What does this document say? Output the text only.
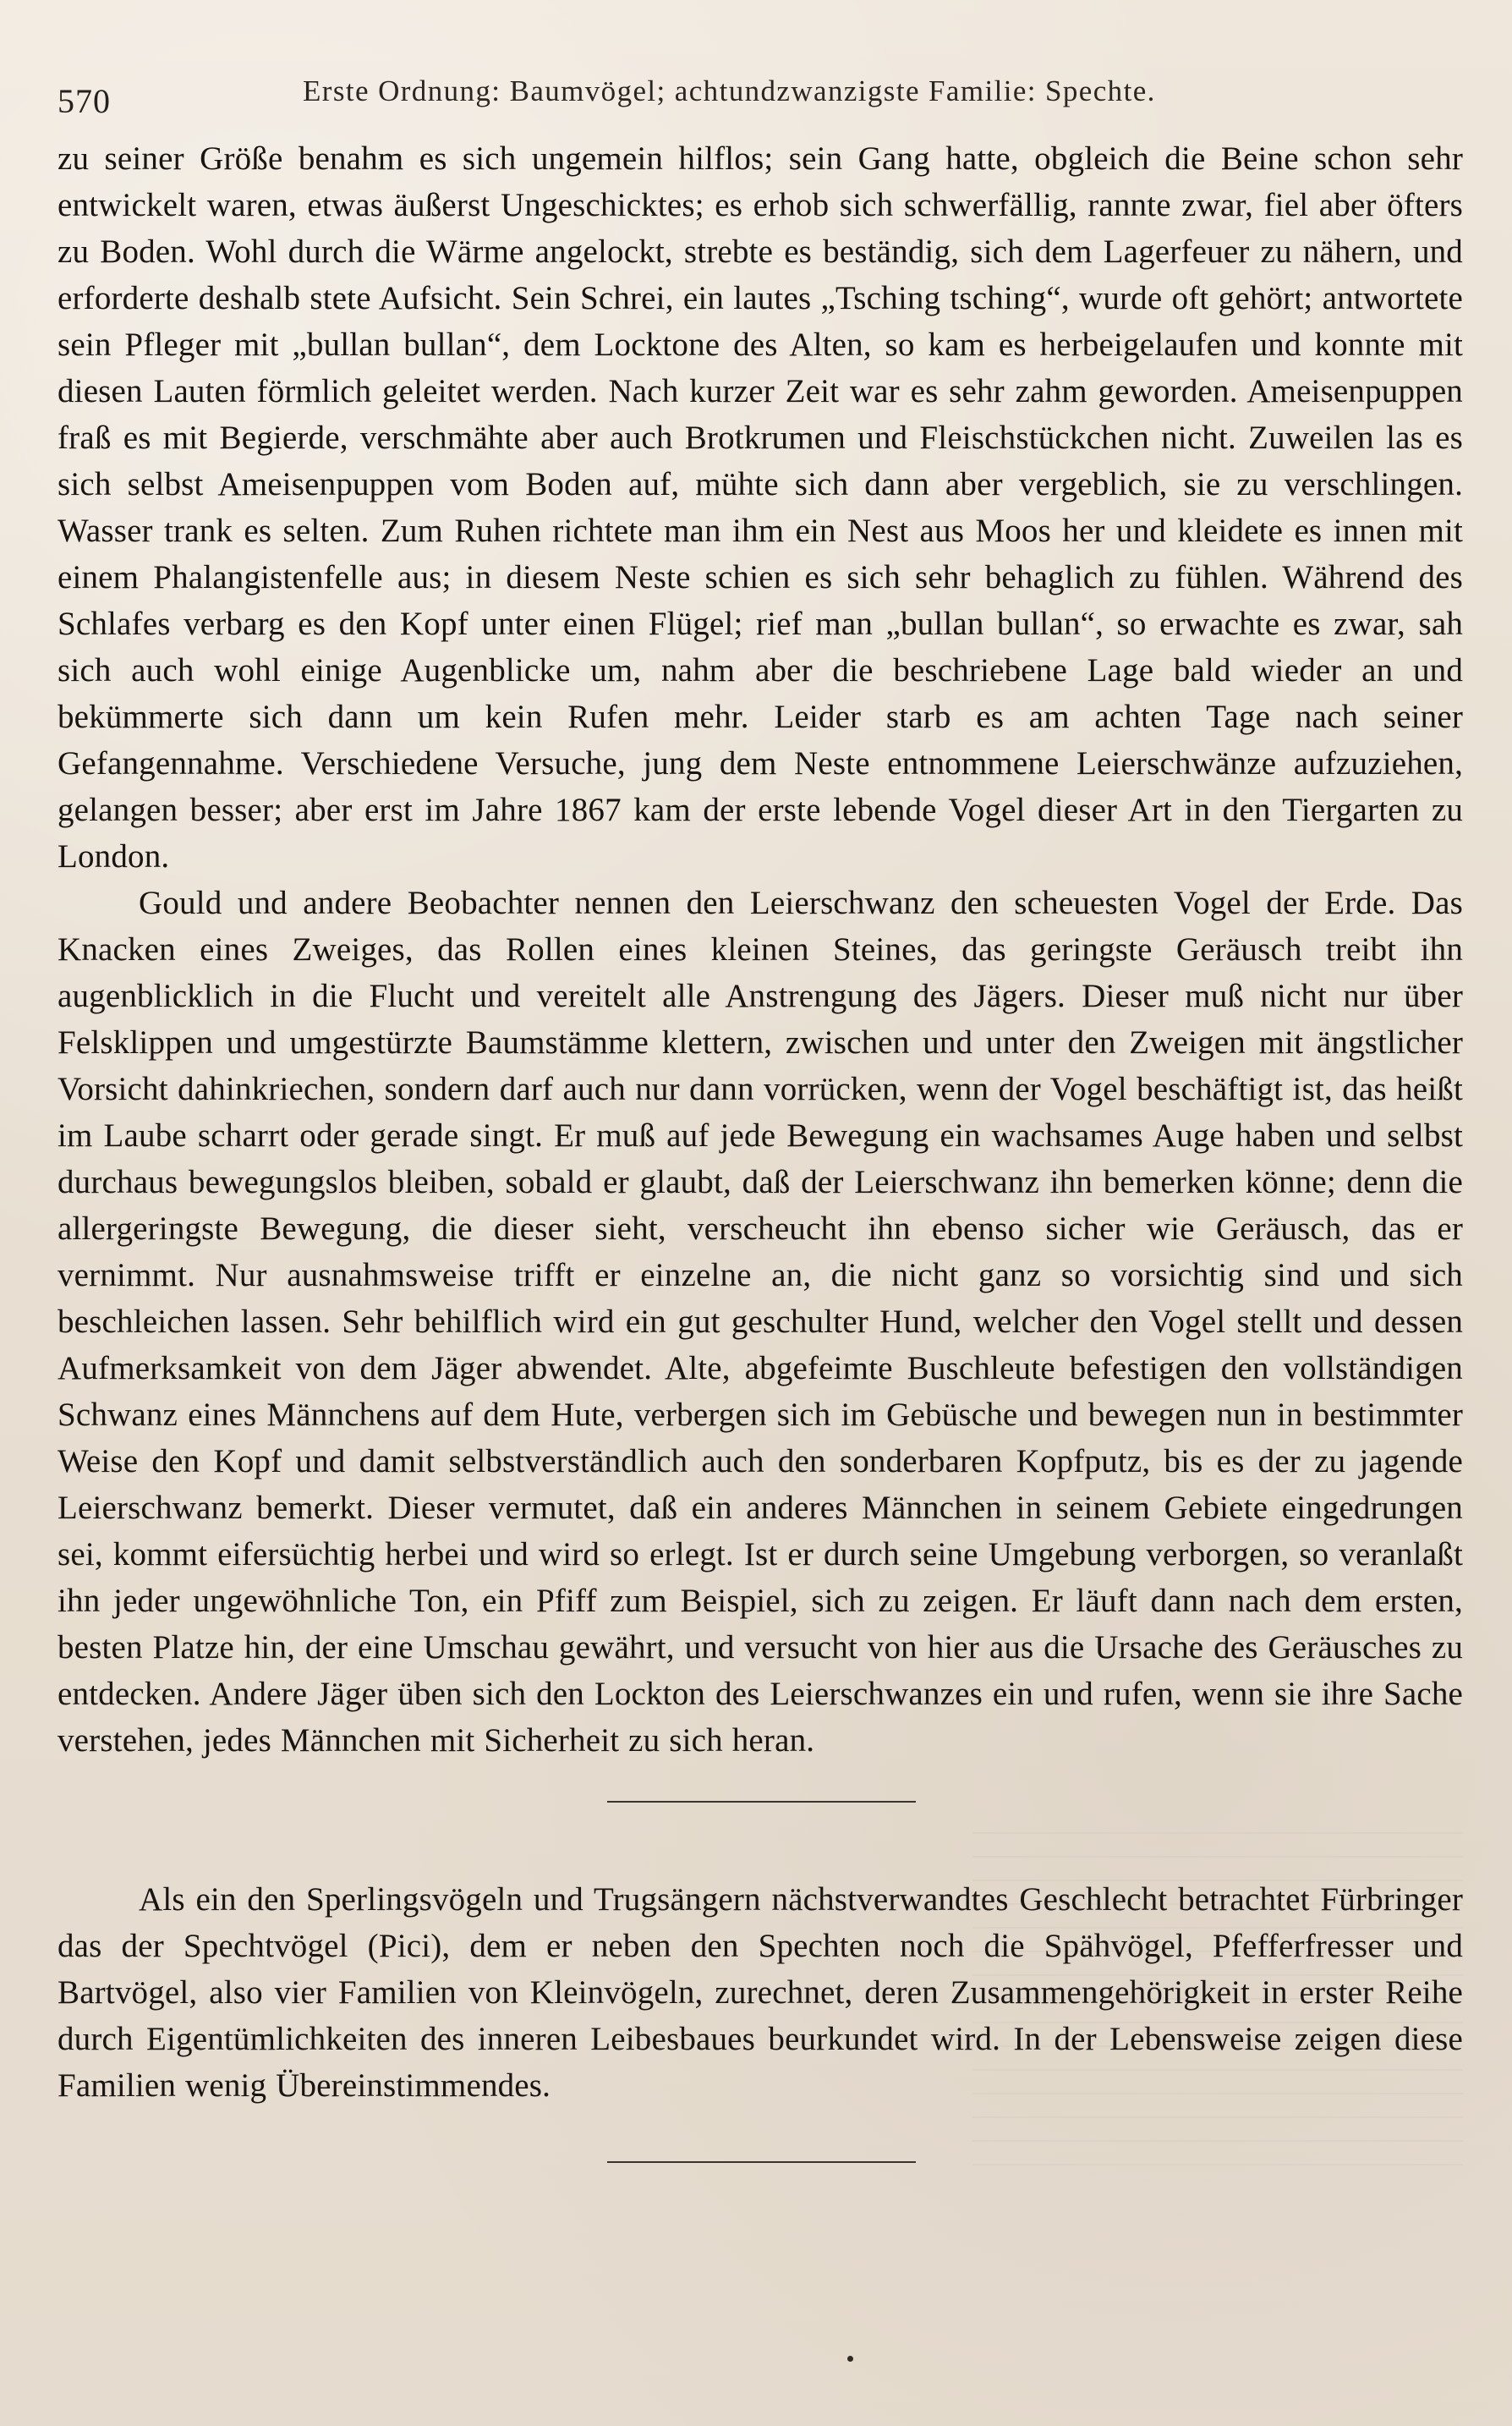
570	Erste Ordnung: Baumvögel; achtundzwanzigste Familie: Spechte.

zu seiner Größe benahm es sich ungemein hilflos; sein Gang hatte, obgleich die Beine schon sehr entwickelt waren, etwas äußerst Ungeschicktes; es erhob sich schwerfällig, rannte zwar, fiel aber öfters zu Boden. Wohl durch die Wärme angelockt, strebte es beständig, sich dem Lagerfeuer zu nähern, und erforderte deshalb stete Aufsicht. Sein Schrei, ein lautes „Tsching tsching“, wurde oft gehört; antwortete sein Pfleger mit „bullan bullan“, dem Locktone des Alten, so kam es herbeigelaufen und konnte mit diesen Lauten förmlich geleitet werden. Nach kurzer Zeit war es sehr zahm geworden. Ameisenpuppen fraß es mit Begierde, verschmähte aber auch Brotkrumen und Fleischstückchen nicht. Zuweilen las es sich selbst Ameisenpuppen vom Boden auf, mühte sich dann aber vergeblich, sie zu verschlingen. Wasser trank es selten. Zum Ruhen richtete man ihm ein Nest aus Moos her und kleidete es innen mit einem Phalangistenfelle aus; in diesem Neste schien es sich sehr behaglich zu fühlen. Während des Schlafes verbarg es den Kopf unter einen Flügel; rief man „bullan bullan“, so erwachte es zwar, sah sich auch wohl einige Augenblicke um, nahm aber die beschriebene Lage bald wieder an und bekümmerte sich dann um kein Rufen mehr. Leider starb es am achten Tage nach seiner Gefangennahme. Verschiedene Versuche, jung dem Neste entnommene Leierschwänze aufzuziehen, gelangen besser; aber erst im Jahre 1867 kam der erste lebende Vogel dieser Art in den Tiergarten zu London.

Gould und andere Beobachter nennen den Leierschwanz den scheuesten Vogel der Erde. Das Knacken eines Zweiges, das Rollen eines kleinen Steines, das geringste Geräusch treibt ihn augenblicklich in die Flucht und vereitelt alle Anstrengung des Jägers. Dieser muß nicht nur über Felsklippen und umgestürzte Baumstämme klettern, zwischen und unter den Zweigen mit ängstlicher Vorsicht dahinkriechen, sondern darf auch nur dann vorrücken, wenn der Vogel beschäftigt ist, das heißt im Laube scharrt oder gerade singt. Er muß auf jede Bewegung ein wachsames Auge haben und selbst durchaus bewegungslos bleiben, sobald er glaubt, daß der Leierschwanz ihn bemerken könne; denn die allergeringste Bewegung, die dieser sieht, verscheucht ihn ebenso sicher wie Geräusch, das er vernimmt. Nur ausnahmsweise trifft er einzelne an, die nicht ganz so vorsichtig sind und sich beschleichen lassen. Sehr behilflich wird ein gut geschulter Hund, welcher den Vogel stellt und dessen Aufmerksamkeit von dem Jäger abwendet. Alte, abgefeimte Buschleute befestigen den vollständigen Schwanz eines Männchens auf dem Hute, verbergen sich im Gebüsche und bewegen nun in bestimmter Weise den Kopf und damit selbstverständlich auch den sonderbaren Kopfputz, bis es der zu jagende Leierschwanz bemerkt. Dieser vermutet, daß ein anderes Männchen in seinem Gebiete eingedrungen sei, kommt eifersüchtig herbei und wird so erlegt. Ist er durch seine Umgebung verborgen, so veranlaßt ihn jeder ungewöhnliche Ton, ein Pfiff zum Beispiel, sich zu zeigen. Er läuft dann nach dem ersten, besten Platze hin, der eine Umschau gewährt, und versucht von hier aus die Ursache des Geräusches zu entdecken. Andere Jäger üben sich den Lockton des Leierschwanzes ein und rufen, wenn sie ihre Sache verstehen, jedes Männchen mit Sicherheit zu sich heran.

Als ein den Sperlingsvögeln und Trugsängern nächstverwandtes Geschlecht betrachtet Fürbringer das der Spechtvögel (Pici), dem er neben den Spechten noch die Spähvögel, Pfefferfresser und Bartvögel, also vier Familien von Kleinvögeln, zurechnet, deren Zusammengehörigkeit in erster Reihe durch Eigentümlichkeiten des inneren Leibesbaues beurkundet wird. In der Lebensweise zeigen diese Familien wenig Übereinstimmendes.
